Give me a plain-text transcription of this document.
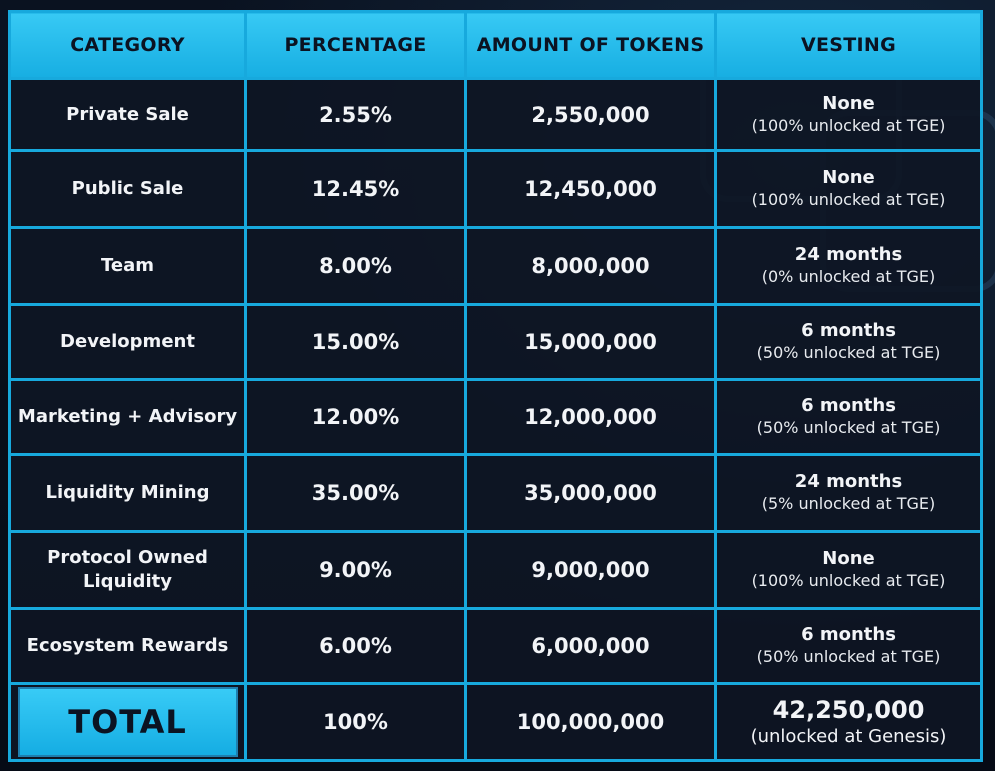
CATEGORY	PERCENTAGE	AMOUNT OF TOKENS	VESTING
Private Sale	2.55%	2,550,000	None
(100% unlocked at TGE)

Public Sale	12.45%	12,450,000	None
(100% unlocked at TGE)

Team	8.00%	8,000,000	24 months
(0% unlocked at TGE)

Development	15.00%	15,000,000	6 months
(50% unlocked at TGE)

Marketing + Advisory	12.00%	12,000,000	6 months
(50% unlocked at TGE)

Liquidity Mining	35.00%	35,000,000	24 months
(5% unlocked at TGE)

Protocol Owned Liquidity	9.00%	9,000,000	None
(100% unlocked at TGE)

Ecosystem Rewards	6.00%	6,000,000	6 months
(50% unlocked at TGE)

TOTAL	100%	100,000,000	42,250,000
(unlocked at Genesis)
